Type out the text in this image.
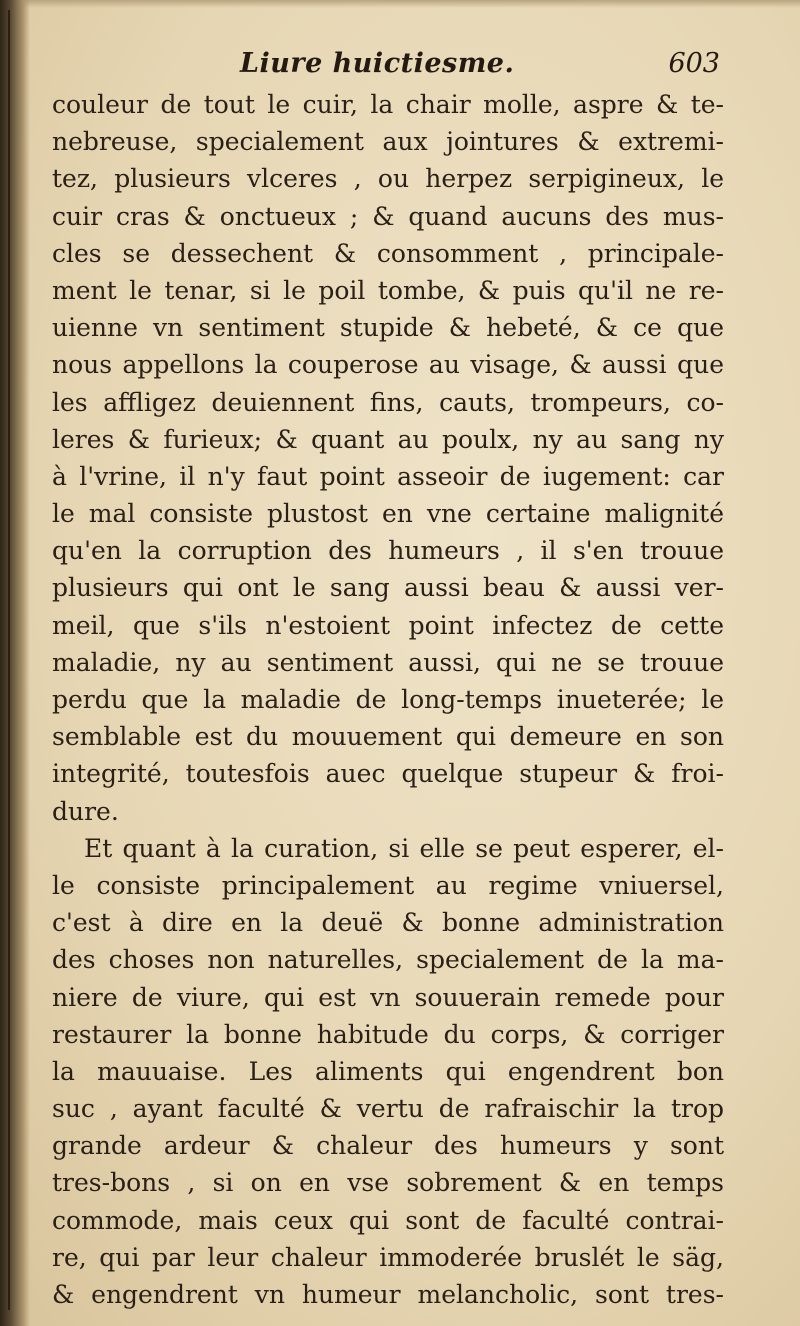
Liure huictiesme.	603
couleur de tout le cuir, la chair molle, aspre & te-
nebreuse, specialement aux jointures & extremi-
tez, plusieurs vlceres , ou herpez serpigineux, le
cuir cras & onctueux ; & quand aucuns des mus-
cles se dessechent & consomment , principale-
ment le tenar, si le poil tombe, & puis qu'il ne re-
uienne vn sentiment stupide & hebeté, & ce que
nous appellons la couperose au visage, & aussi que
les affligez deuiennent fins, cauts, trompeurs, co-
leres & furieux; & quant au poulx, ny au sang ny
à l'vrine, il n'y faut point asseoir de iugement: car
le mal consiste plustost en vne certaine malignité
qu'en la corruption des humeurs , il s'en trouue
plusieurs qui ont le sang aussi beau & aussi ver-
meil, que s'ils n'estoient point infectez de cette
maladie, ny au sentiment aussi, qui ne se trouue
perdu que la maladie de long-temps inueterée; le
semblable est du mouuement qui demeure en son
integrité, toutesfois auec quelque stupeur & froi-
dure.
Et quant à la curation, si elle se peut esperer, el-
le consiste principalement au regime vniuersel,
c'est à dire en la deuë & bonne administration
des choses non naturelles, specialement de la ma-
niere de viure, qui est vn souuerain remede pour
restaurer la bonne habitude du corps, & corriger
la mauuaise. Les aliments qui engendrent bon
suc , ayant faculté & vertu de rafraischir la trop
grande ardeur & chaleur des humeurs y sont
tres-bons , si on en vse sobrement & en temps
commode, mais ceux qui sont de faculté contrai-
re, qui par leur chaleur immoderée bruslét le säg,
& engendrent vn humeur melancholic, sont tres-
